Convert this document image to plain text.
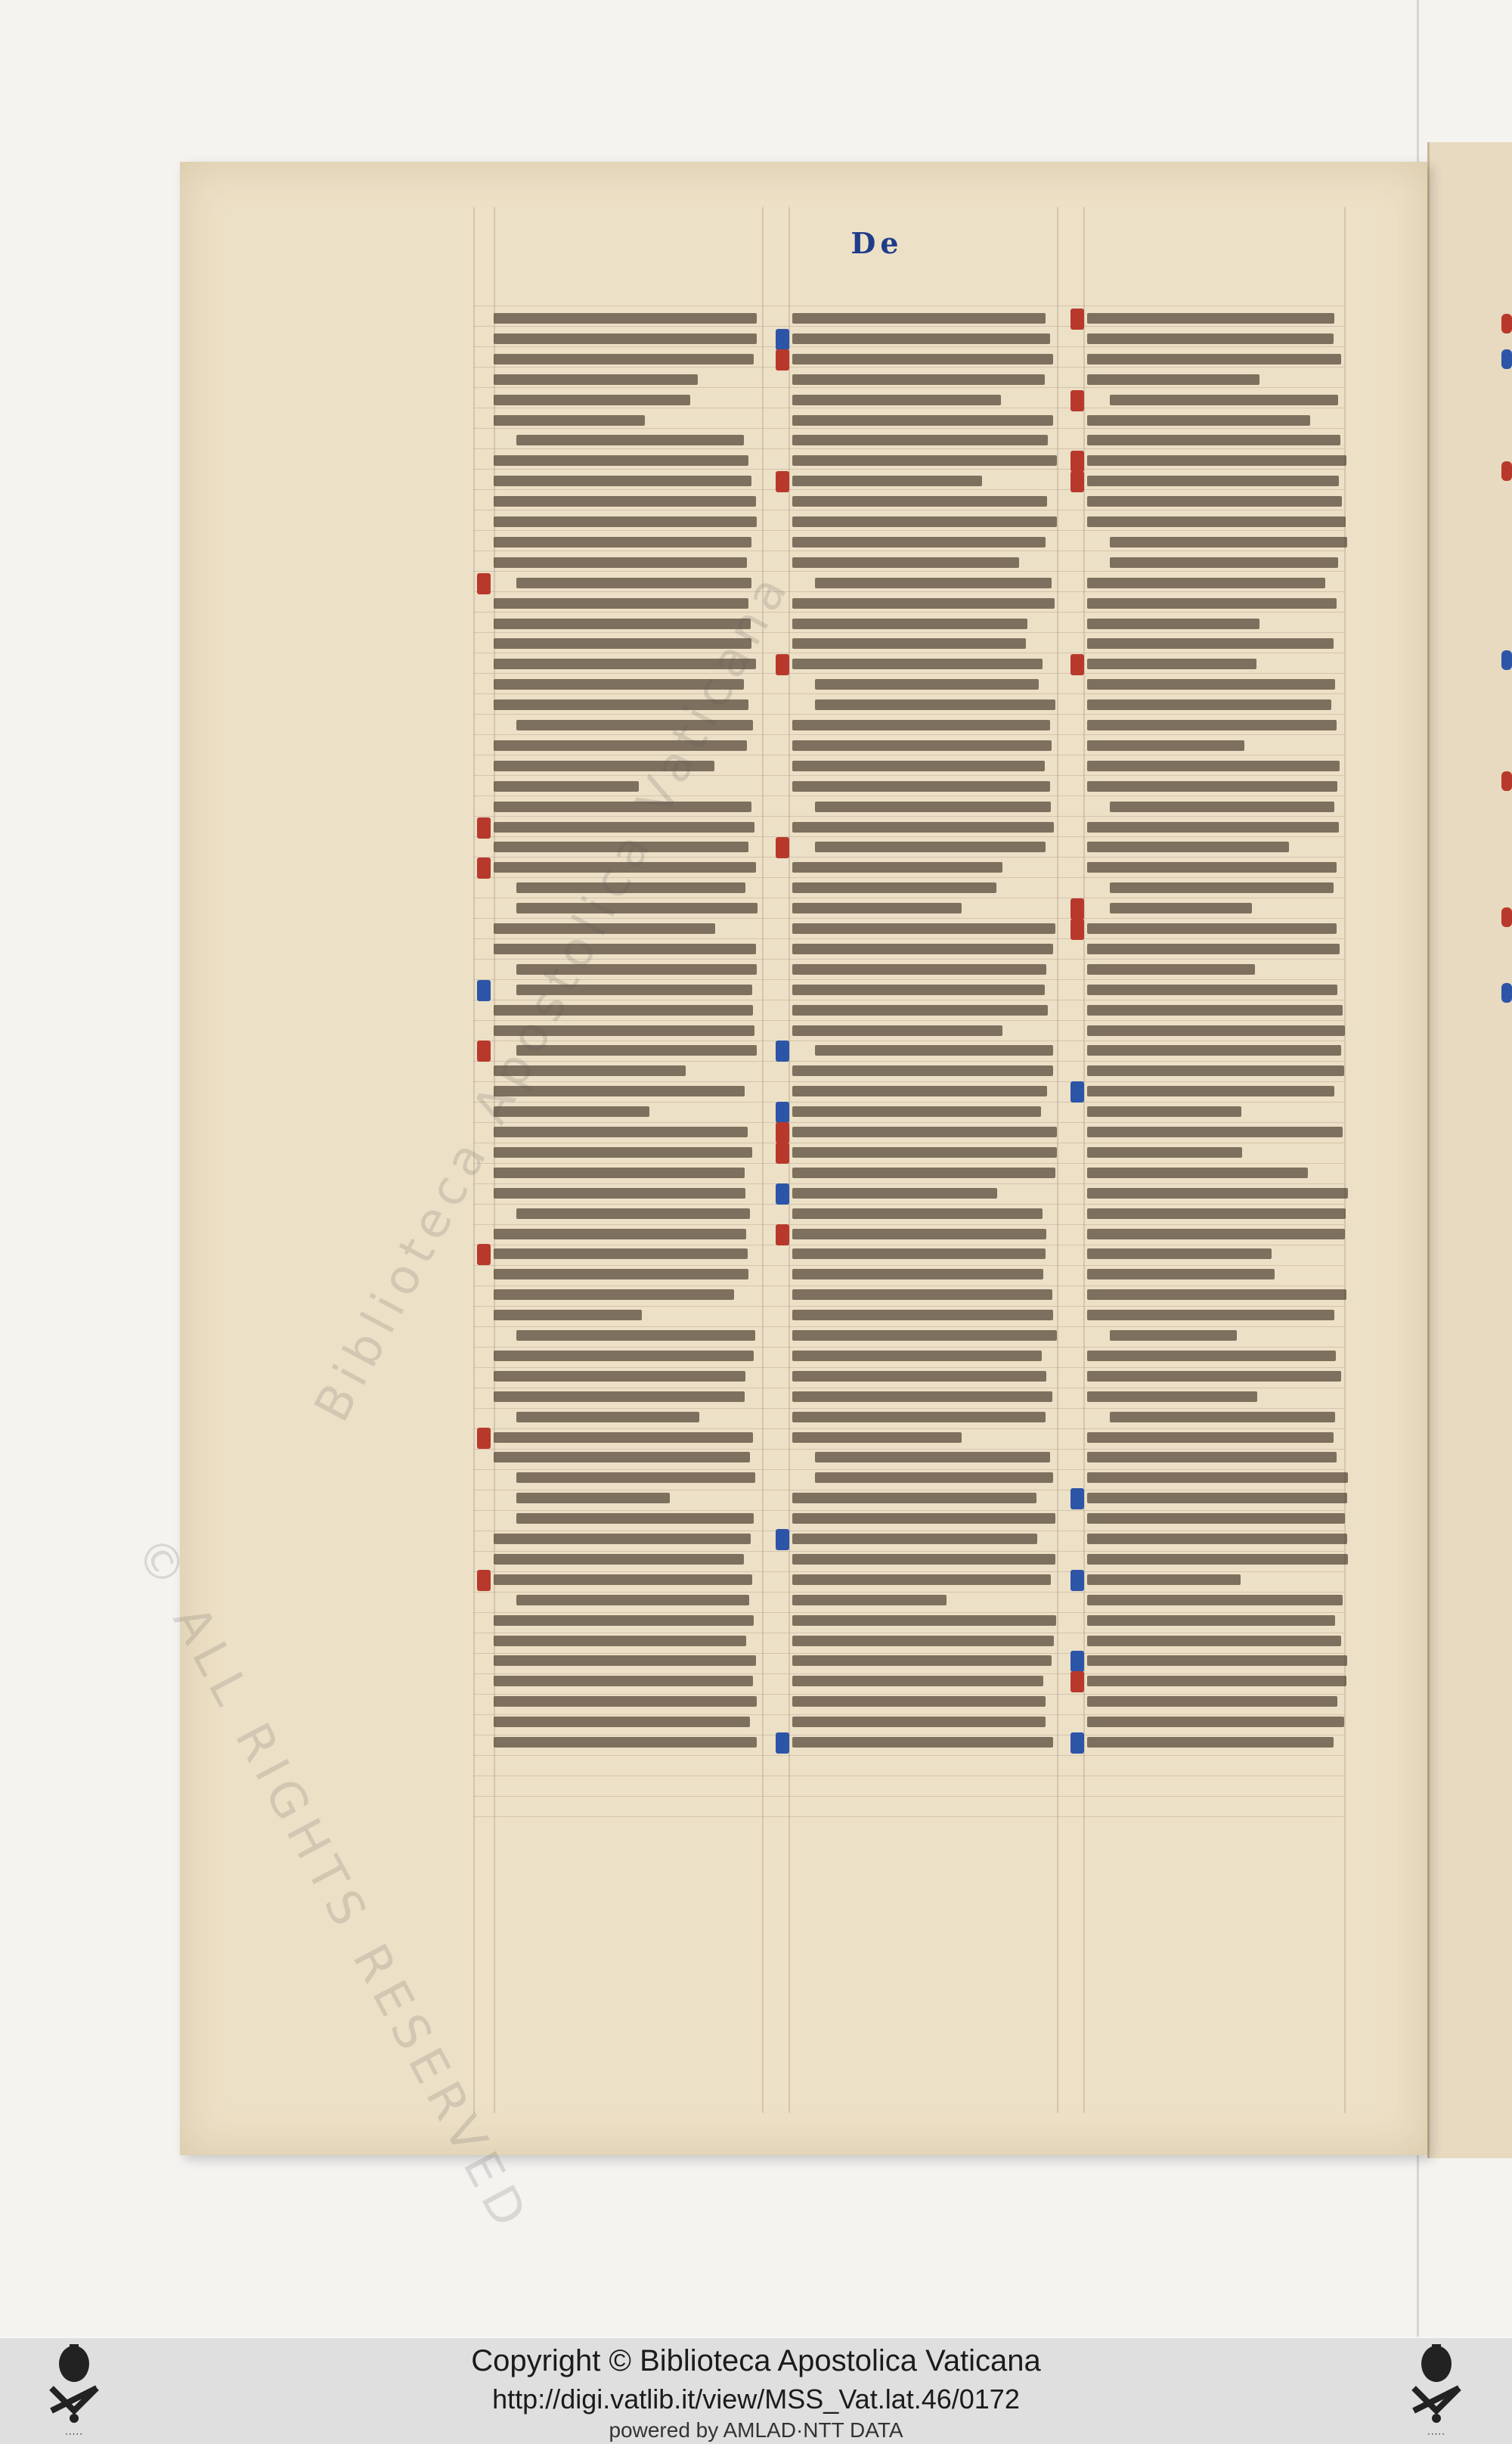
De
Copyright © Biblioteca Apostolica Vaticana
http://digi.vatlib.it/view/MSS_Vat.lat.46/0172
powered by AMLAD·NTT DATA
·····	·····
